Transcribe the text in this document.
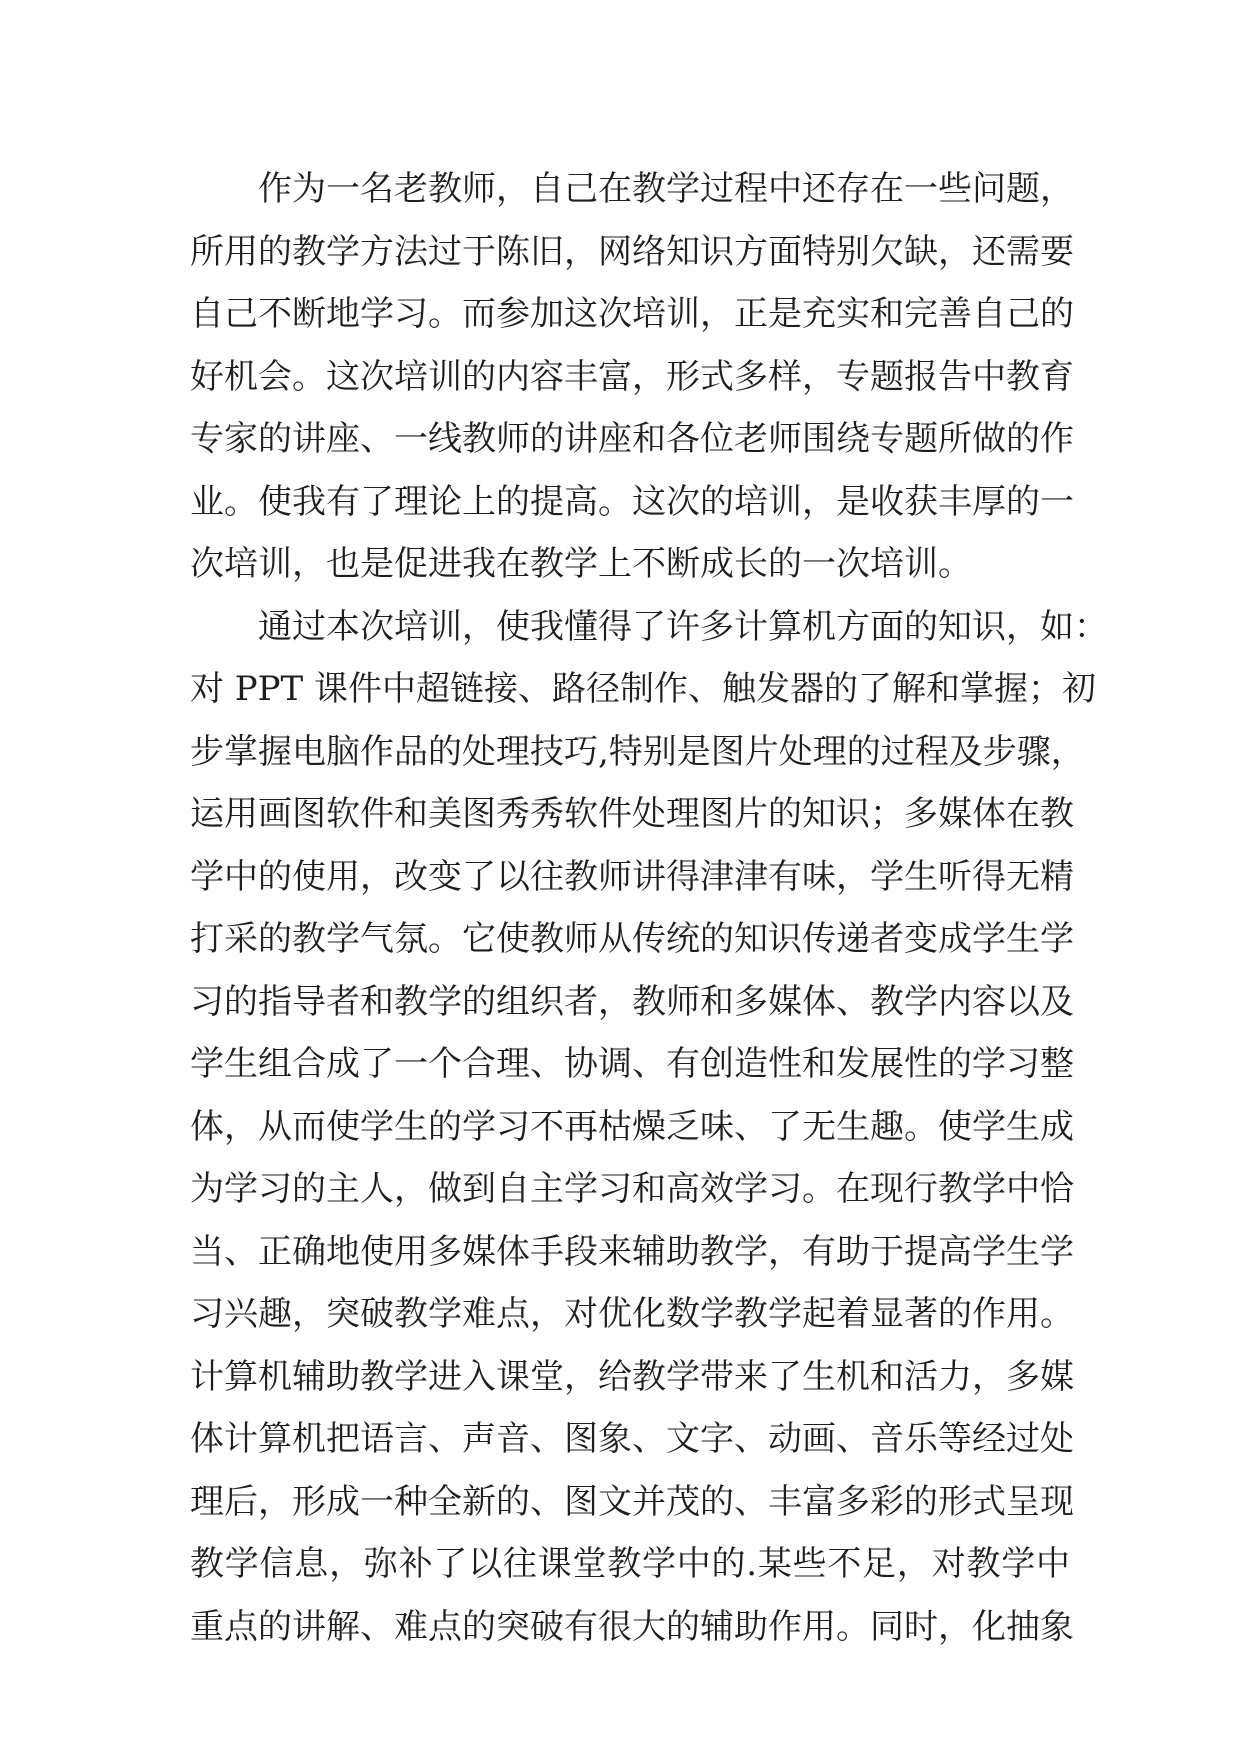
作为一名老教师，自己在教学过程中还存在一些问题，
所用的教学方法过于陈旧，网络知识方面特别欠缺，还需要
自己不断地学习。而参加这次培训，正是充实和完善自己的
好机会。这次培训的内容丰富，形式多样，专题报告中教育
专家的讲座、一线教师的讲座和各位老师围绕专题所做的作
业。使我有了理论上的提高。这次的培训，是收获丰厚的一
次培训，也是促进我在教学上不断成长的一次培训。
通过本次培训，使我懂得了许多计算机方面的知识，如：
对 PPT 课件中超链接、路径制作、触发器的了解和掌握；初
步掌握电脑作品的处理技巧,特别是图片处理的过程及步骤，
运用画图软件和美图秀秀软件处理图片的知识；多媒体在教
学中的使用，改变了以往教师讲得津津有味，学生听得无精
打采的教学气氛。它使教师从传统的知识传递者变成学生学
习的指导者和教学的组织者，教师和多媒体、教学内容以及
学生组合成了一个合理、协调、有创造性和发展性的学习整
体，从而使学生的学习不再枯燥乏味、了无生趣。使学生成
为学习的主人，做到自主学习和高效学习。在现行教学中恰
当、正确地使用多媒体手段来辅助教学，有助于提高学生学
习兴趣，突破教学难点，对优化数学教学起着显著的作用。
计算机辅助教学进入课堂，给教学带来了生机和活力，多媒
体计算机把语言、声音、图象、文字、动画、音乐等经过处
理后，形成一种全新的、图文并茂的、丰富多彩的形式呈现
教学信息，弥补了以往课堂教学中的.某些不足，对教学中
重点的讲解、难点的突破有很大的辅助作用。同时，化抽象
